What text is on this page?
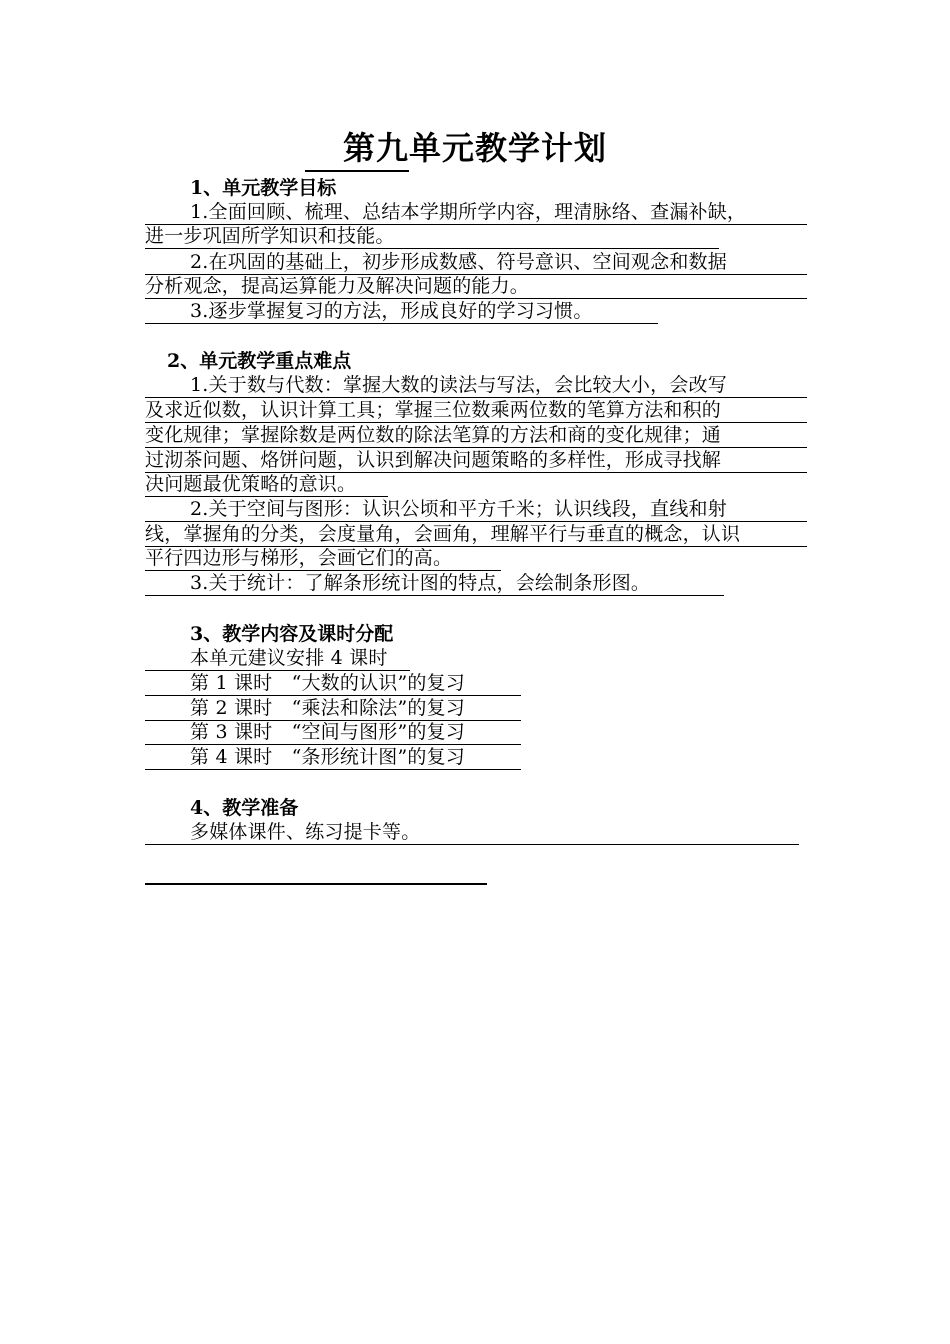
第九单元教学计划
1、单元教学目标
1.全面回顾、梳理、总结本学期所学内容，理清脉络、查漏补缺，
进一步巩固所学知识和技能。
2.在巩固的基础上，初步形成数感、符号意识、空间观念和数据
分析观念，提高运算能力及解决问题的能力。
3.逐步掌握复习的方法，形成良好的学习习惯。
2、单元教学重点难点
1.关于数与代数：掌握大数的读法与写法，会比较大小，会改写
及求近似数，认识计算工具；掌握三位数乘两位数的笔算方法和积的
变化规律；掌握除数是两位数的除法笔算的方法和商的变化规律；通
过沏茶问题、烙饼问题，认识到解决问题策略的多样性，形成寻找解
决问题最优策略的意识。
2.关于空间与图形：认识公顷和平方千米；认识线段，直线和射
线，掌握角的分类，会度量角，会画角，理解平行与垂直的概念，认识
平行四边形与梯形，会画它们的高。
3.关于统计：了解条形统计图的特点，会绘制条形图。
3、教学内容及课时分配
本单元建议安排 4 课时
第 1 课时　“大数的认识”的复习
第 2 课时　“乘法和除法”的复习
第 3 课时　“空间与图形”的复习
第 4 课时　“条形统计图”的复习
4、教学准备
多媒体课件、练习提卡等。
